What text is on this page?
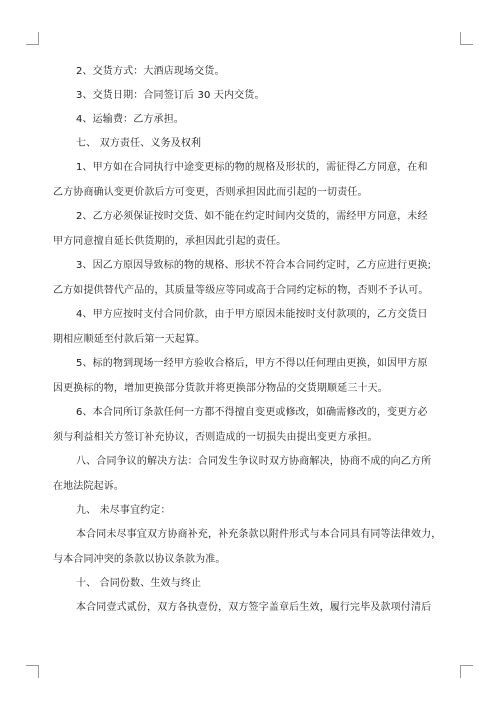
2、交货方式：大酒店现场交货。

3、交货日期：合同签订后 30 天内交货。

4、运输费：乙方承担。

七、 双方责任、义务及权利

1、甲方如在合同执行中途变更标的物的规格及形状的，需征得乙方同意，在和
乙方协商确认变更价款后方可变更，否则承担因此而引起的一切责任。

2、乙方必须保证按时交货、如不能在约定时间内交货的，需经甲方同意，未经
甲方同意擅自延长供货期的，承担因此引起的责任。

3、因乙方原因导致标的物的规格、形状不符合本合同约定时，乙方应进行更换;
乙方如提供替代产品的，其质量等级应等同或高于合同约定标的物，否则不予认可。

4、甲方应按时支付合同价款，由于甲方原因未能按时支付款项的，乙方交货日
期相应顺延至付款后第一天起算。

5、标的物到现场一经甲方验收合格后，甲方不得以任何理由更换，如因甲方原
因更换标的物，增加更换部分货款并将更换部分物品的交货期顺延三十天。

6、本合同所订条款任何一方都不得擅自变更或修改，如确需修改的，变更方必
须与利益相关方签订补充协议，否则造成的一切损失由提出变更方承担。

八、合同争议的解决方法：合同发生争议时双方协商解决，协商不成的向乙方所
在地法院起诉。

九、 未尽事宜约定：

本合同未尽事宜双方协商补充，补充条款以附件形式与本合同具有同等法律效力，
与本合同冲突的条款以协议条款为准。

十、 合同份数、生效与终止

本合同壹式贰份，双方各执壹份，双方签字盖章后生效，履行完毕及款项付清后
